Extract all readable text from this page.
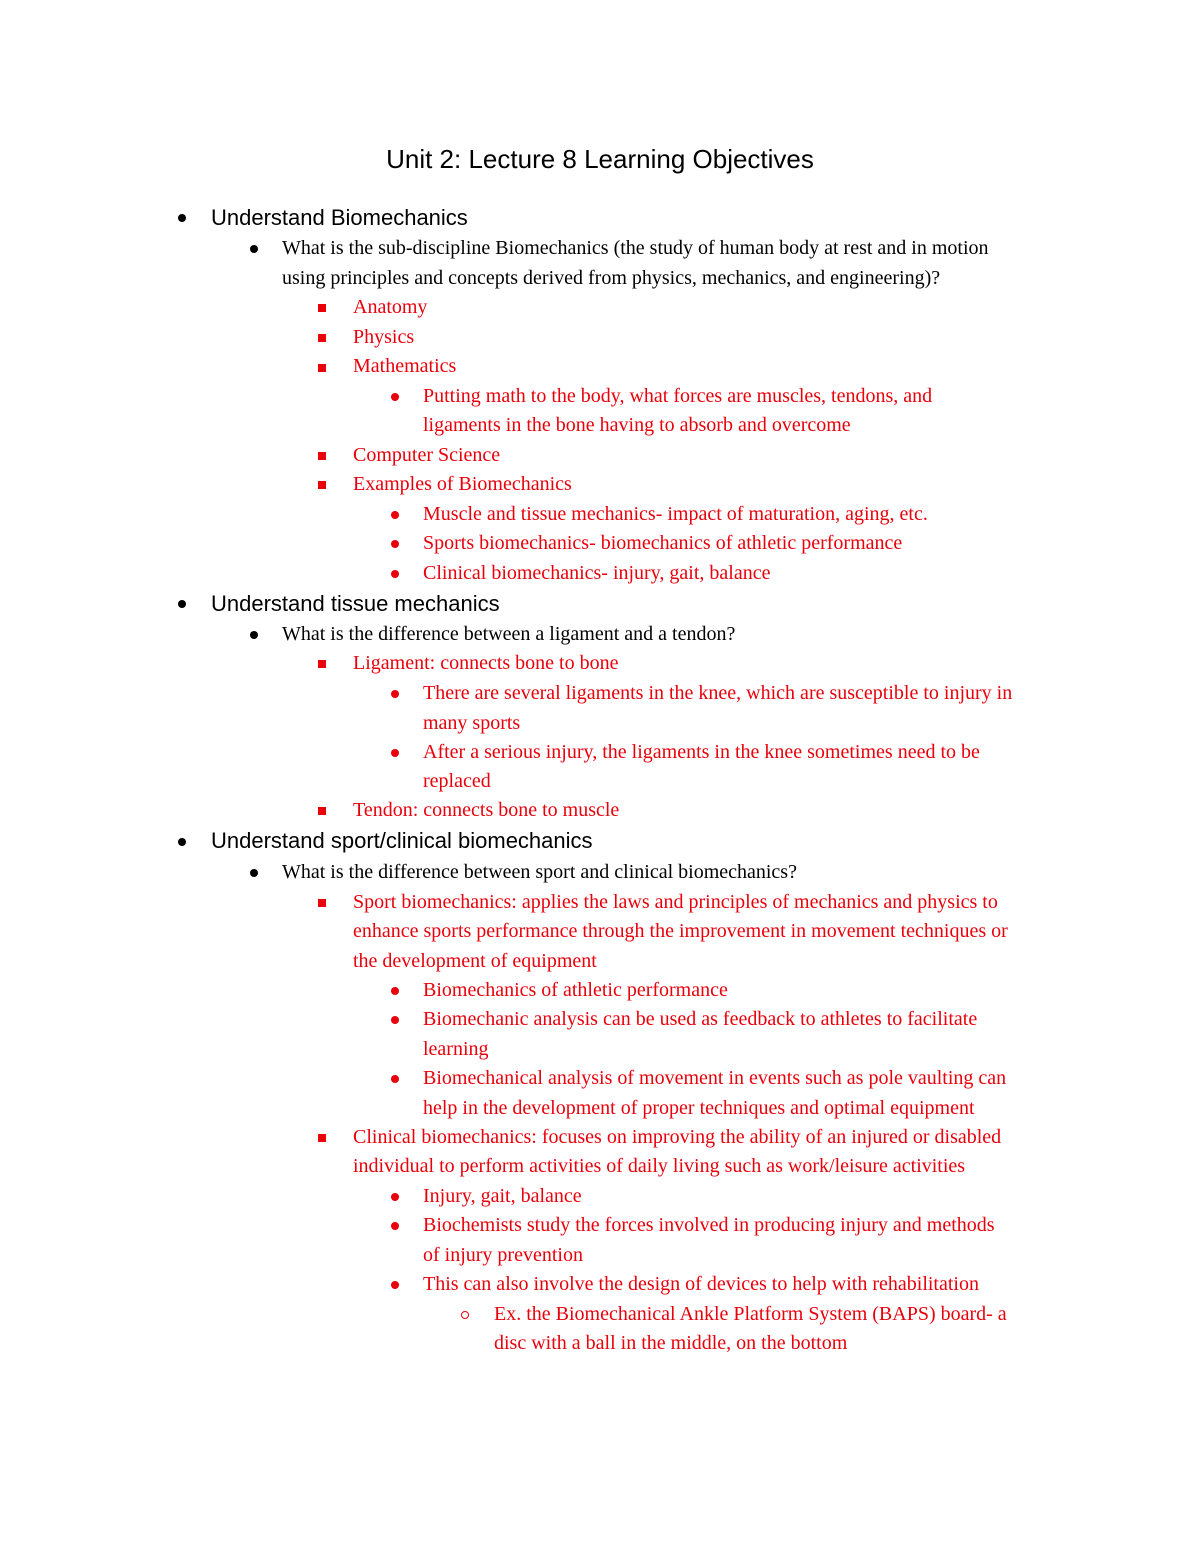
Unit 2: Lecture 8 Learning Objectives
Understand Biomechanics
What is the sub-discipline Biomechanics (the study of human body at rest and in motion
using principles and concepts derived from physics, mechanics, and engineering)?
Anatomy
Physics
Mathematics
Putting math to the body, what forces are muscles, tendons, and
ligaments in the bone having to absorb and overcome
Computer Science
Examples of Biomechanics
Muscle and tissue mechanics- impact of maturation, aging, etc.
Sports biomechanics- biomechanics of athletic performance
Clinical biomechanics- injury, gait, balance
Understand tissue mechanics
What is the difference between a ligament and a tendon?
Ligament: connects bone to bone
There are several ligaments in the knee, which are susceptible to injury in
many sports
After a serious injury, the ligaments in the knee sometimes need to be
replaced
Tendon: connects bone to muscle
Understand sport/clinical biomechanics
What is the difference between sport and clinical biomechanics?
Sport biomechanics: applies the laws and principles of mechanics and physics to
enhance sports performance through the improvement in movement techniques or
the development of equipment
Biomechanics of athletic performance
Biomechanic analysis can be used as feedback to athletes to facilitate
learning
Biomechanical analysis of movement in events such as pole vaulting can
help in the development of proper techniques and optimal equipment
Clinical biomechanics: focuses on improving the ability of an injured or disabled
individual to perform activities of daily living such as work/leisure activities
Injury, gait, balance
Biochemists study the forces involved in producing injury and methods
of injury prevention
This can also involve the design of devices to help with rehabilitation
Ex. the Biomechanical Ankle Platform System (BAPS) board- a
disc with a ball in the middle, on the bottom
